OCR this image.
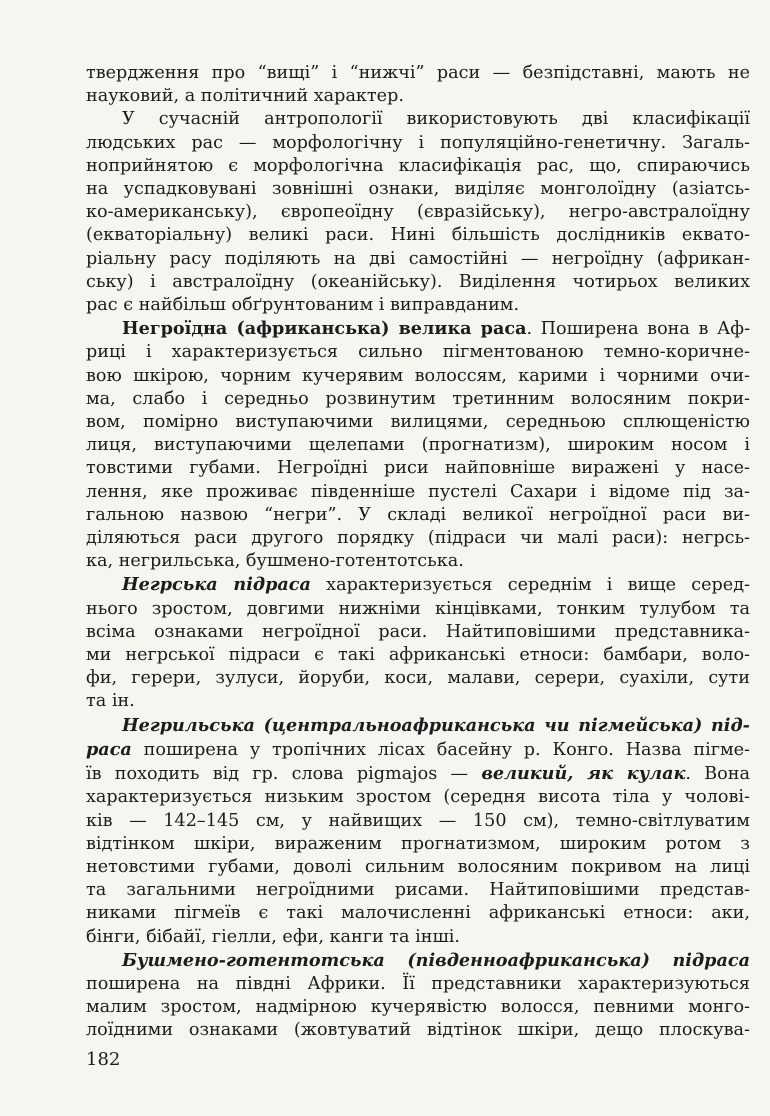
твердження про “вищі” і “нижчі” раси — безпідставні, мають не
науковий, а політичний характер.
У сучасній антропології використовують дві класифікації
людських рас — морфологічну і популяційно-генетичну. Загаль-
ноприйнятою є морфологічна класифікація рас, що, спираючись
на успадковувані зовнішні ознаки, виділяє монголоїдну (азіатсь-
ко-американську), європеоїдну (євразійську), негро-австралоїдну
(екваторіальну) великі раси. Нині більшість дослідників еквато-
ріальну расу поділяють на дві самостійні — негроїдну (африкан-
ську) і австралоїдну (океанійську). Виділення чотирьох великих
рас є найбільш обґрунтованим і виправданим.
Негроїдна (африканська) велика раса. Поширена вона в Аф-
риці і характеризується сильно пігментованою темно-коричне-
вою шкірою, чорним кучерявим волоссям, карими і чорними очи-
ма, слабо і середньо розвинутим третинним волосяним покри-
вом, помірно виступаючими вилицями, середньою сплющеністю
лиця, виступаючими щелепами (прогнатизм), широким носом і
товстими губами. Негроїдні риси найповніше виражені у насе-
лення, яке проживає південніше пустелі Сахари і відоме під за-
гальною назвою “негри”. У складі великої негроїдної раси ви-
діляються раси другого порядку (підраси чи малі раси): негрсь-
ка, негрильська, бушмено-готентотська.
Негрська підраса характеризується середнім і вище серед-
нього зростом, довгими нижніми кінцівками, тонким тулубом та
всіма ознаками негроїдної раси. Найтиповішими представника-
ми негрської підраси є такі африканські етноси: бамбари, воло-
фи, герери, зулуси, йоруби, коси, малави, серери, суахіли, сути
та ін.
Негрильська (центральноафриканська чи пігмейська) під-
раса поширена у тропічних лісах басейну р. Конго. Назва пігме-
їв походить від гр. слова pigmajos — великий, як кулак. Вона
характеризується низьким зростом (середня висота тіла у чолові-
ків — 142–145 см, у найвищих — 150 см), темно-світлуватим
відтінком шкіри, вираженим прогнатизмом, широким ротом з
нетовстими губами, доволі сильним волосяним покривом на лиці
та загальними негроїдними рисами. Найтиповішими представ-
никами пігмеїв є такі малочисленні африканські етноси: аки,
бінги, бібайї, гіелли, ефи, канги та інші.
Бушмено-готентотська (південноафриканська) підраса
поширена на півдні Африки. Її представники характеризуються
малим зростом, надмірною кучерявістю волосся, певними монго-
лоїдними ознаками (жовтуватий відтінок шкіри, дещо плоскува-
182
